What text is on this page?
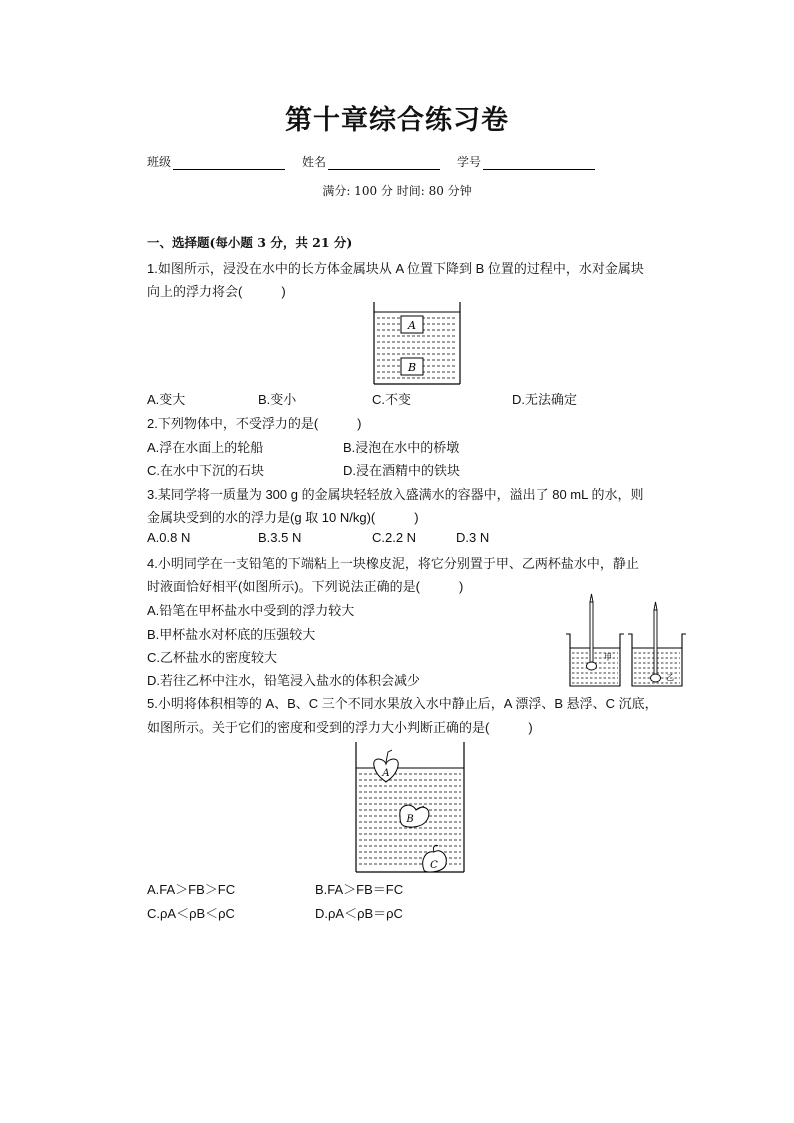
第十章综合练习卷
班级	姓名	学号
满分: 100 分 时间: 80 分钟
一、选择题(每小题 3 分，共 21 分)
1.如图所示，浸没在水中的长方体金属块从 A 位置下降到 B 位置的过程中，水对金属块
向上的浮力将会(　　　)
A
B
A.变大	B.变小	C.不变	D.无法确定
2.下列物体中，不受浮力的是(　　　)
A.浮在水面上的轮船	B.浸泡在水中的桥墩
C.在水中下沉的石块	D.浸在酒精中的铁块
3.某同学将一质量为 300 g 的金属块轻轻放入盛满水的容器中，溢出了 80 mL 的水，则
金属块受到的水的浮力是(g 取 10 N/kg)(　　　)
A.0.8 N	B.3.5 N	C.2.2 N	D.3 N
4.小明同学在一支铅笔的下端粘上一块橡皮泥，将它分别置于甲、乙两杯盐水中，静止
时液面恰好相平(如图所示)。下列说法正确的是(　　　)
A.铅笔在甲杯盐水中受到的浮力较大
B.甲杯盐水对杯底的压强较大
C.乙杯盐水的密度较大
D.若往乙杯中注水，铅笔浸入盐水的体积会减少
甲
乙
5.小明将体积相等的 A、B、C 三个不同水果放入水中静止后，A 漂浮、B 悬浮、C 沉底，
如图所示。关于它们的密度和受到的浮力大小判断正确的是(　　　)
A
B
C
A.FA＞FB＞FC	B.FA＞FB＝FC
C.ρA＜ρB＜ρC	D.ρA＜ρB＝ρC
